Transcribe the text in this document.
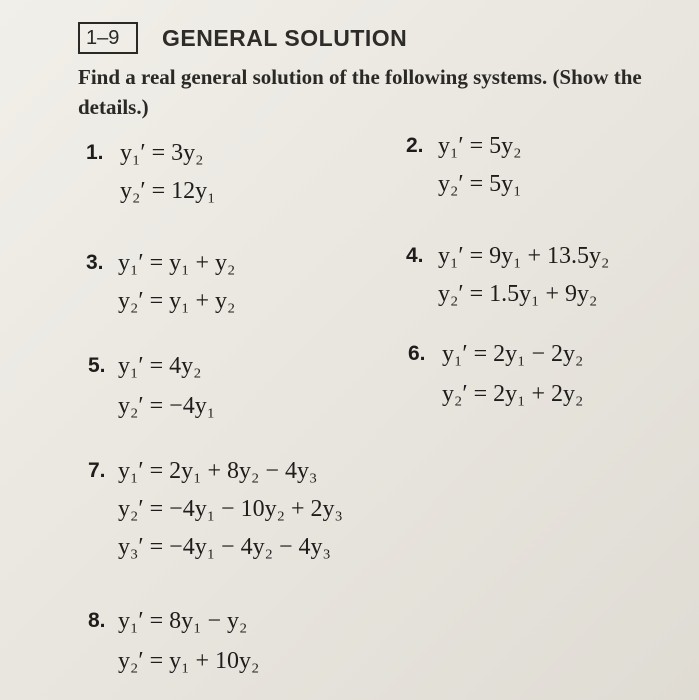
1–9	GENERAL SOLUTION
Find a real general solution of the following systems. (Show the details.)
1. y₁′ = 3y₂
y₂′ = 12y₁
2. y₁′ = 5y₂
y₂′ = 5y₁
3. y₁′ = y₁ + y₂
y₂′ = y₁ + y₂
4. y₁′ = 9y₁ + 13.5y₂
y₂′ = 1.5y₁ + 9y₂
5. y₁′ = 4y₂
y₂′ = −4y₁
6. y₁′ = 2y₁ − 2y₂
y₂′ = 2y₁ + 2y₂
7. y₁′ = 2y₁ + 8y₂ − 4y₃
y₂′ = −4y₁ − 10y₂ + 2y₃
y₃′ = −4y₁ − 4y₂ − 4y₃
8. y₁′ = 8y₁ − y₂
y₂′ = y₁ + 10y₂
